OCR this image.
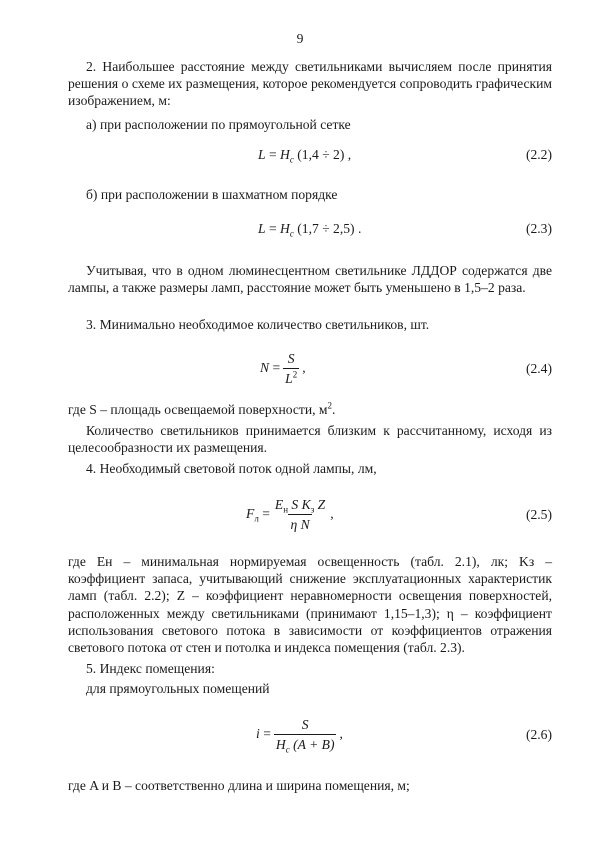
9
2. Наибольшее расстояние между светильниками вычисляем после принятия решения о схеме их размещения, которое рекомендуется сопроводить графическим изображением, м:
а) при расположении по прямоугольной сетке
$L = H_c$ (1,4 ÷ 2) ,	(2.2)
б) при расположении в шахматном порядке
$L = H_c$ (1,7 ÷ 2,5) .	(2.3)
Учитывая, что в одном люминесцентном светильнике ЛДДОР содержатся две лампы, а также размеры ламп, расстояние может быть уменьшено в 1,5–2 раза.
3. Минимально необходимое количество светильников, шт.
$N = \frac{S}{L^2}$ ,	(2.4)
где S – площадь освещаемой поверхности, $м^2$.
Количество светильников принимается близким к рассчитанному, исходя из целесообразности их размещения.
4. Необходимый световой поток одной лампы, лм,
$F_л = \frac{E_н S K_з Z}{\text{η N}}$ ,	(2.5)
где Eн – минимальная нормируемая освещенность (табл. 2.1), лк; Kз – коэффициент запаса, учитывающий снижение эксплуатационных характеристик ламп (табл. 2.2); Z – коэффициент неравномерности освещения поверхностей, расположенных между светильниками (принимают 1,15–1,3); η – коэффициент использования светового потока в зависимости от коэффициентов отражения светового потока от стен и потолка и индекса помещения (табл. 2.3).
5. Индекс помещения:
для прямоугольных помещений
$i = \frac{S}{H_c (A + B)}$ ,	(2.6)
где A и B – соответственно длина и ширина помещения, м;
